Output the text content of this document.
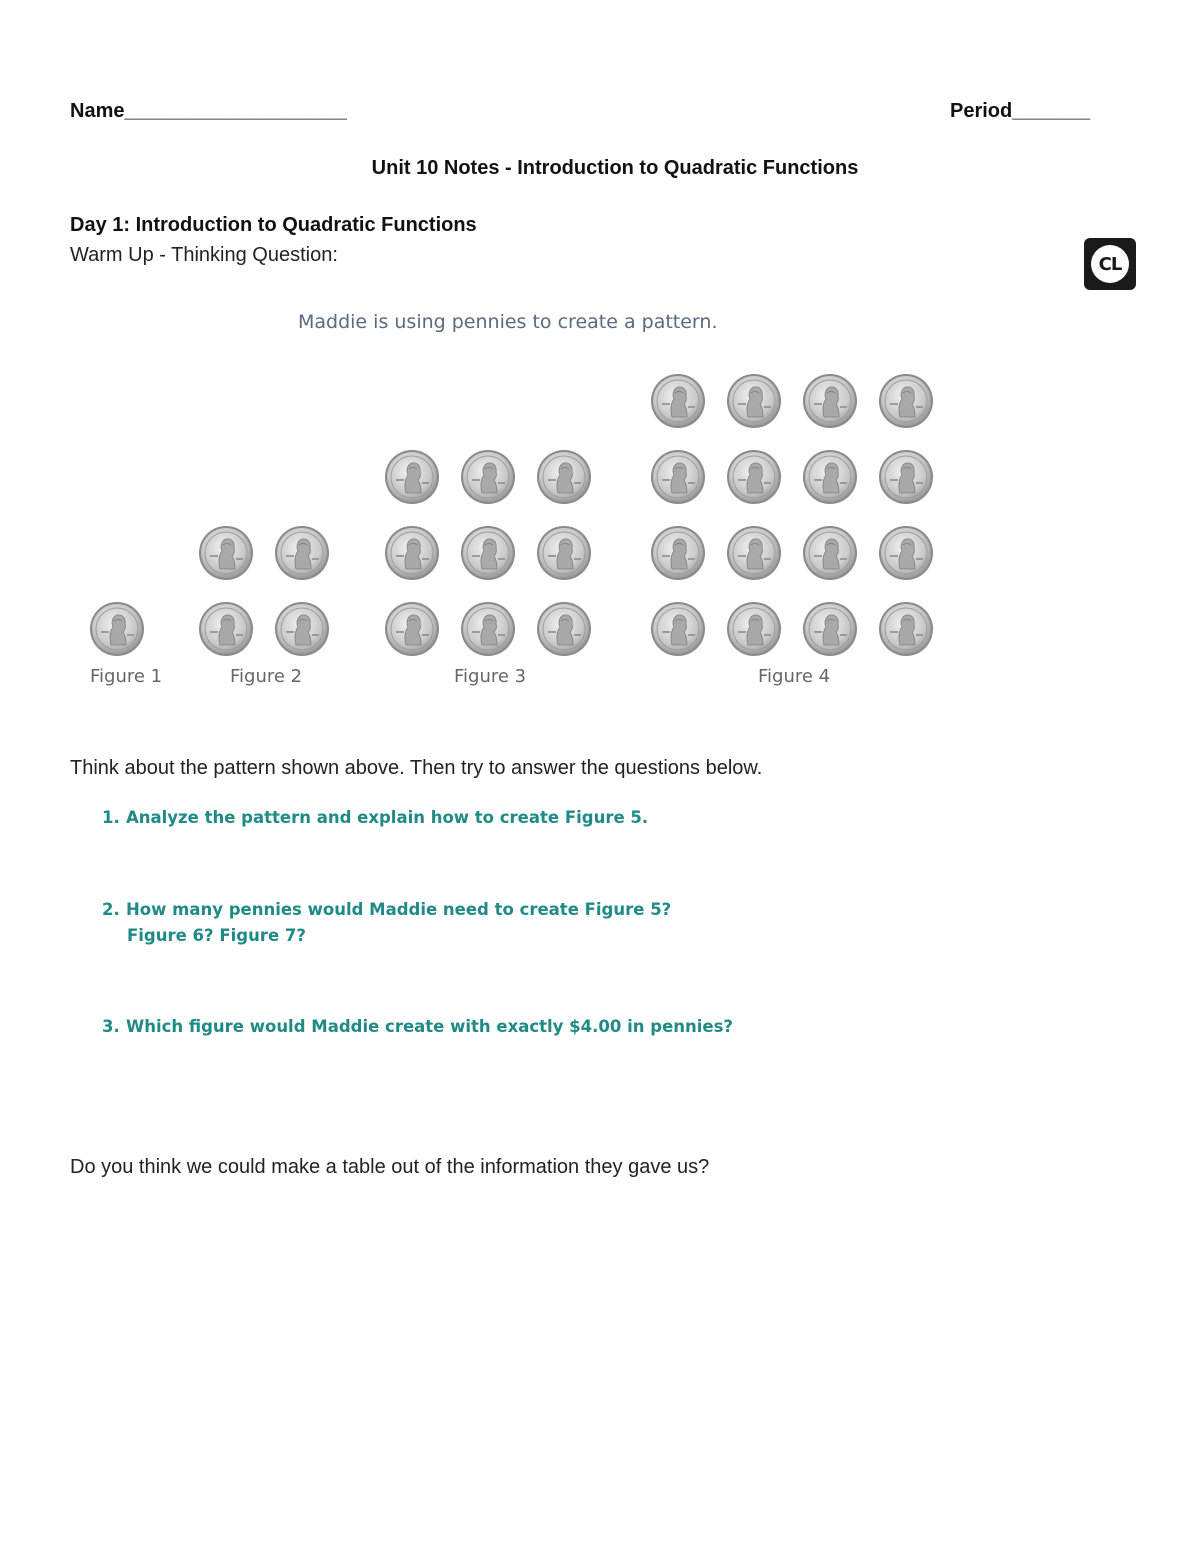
Name____________________	Period_______
Unit 10 Notes - Introduction to Quadratic Functions
Day 1: Introduction to Quadratic Functions
Warm Up - Thinking Question:	CL
Maddie is using pennies to create a pattern.
Figure 1	Figure 2	Figure 3	Figure 4
Think about the pattern shown above. Then try to answer the questions below.
1. Analyze the pattern and explain how to create Figure 5.
2. How many pennies would Maddie need to create Figure 5?
Figure 6? Figure 7?
3. Which figure would Maddie create with exactly $4.00 in pennies?
Do you think we could make a table out of the information they gave us?
